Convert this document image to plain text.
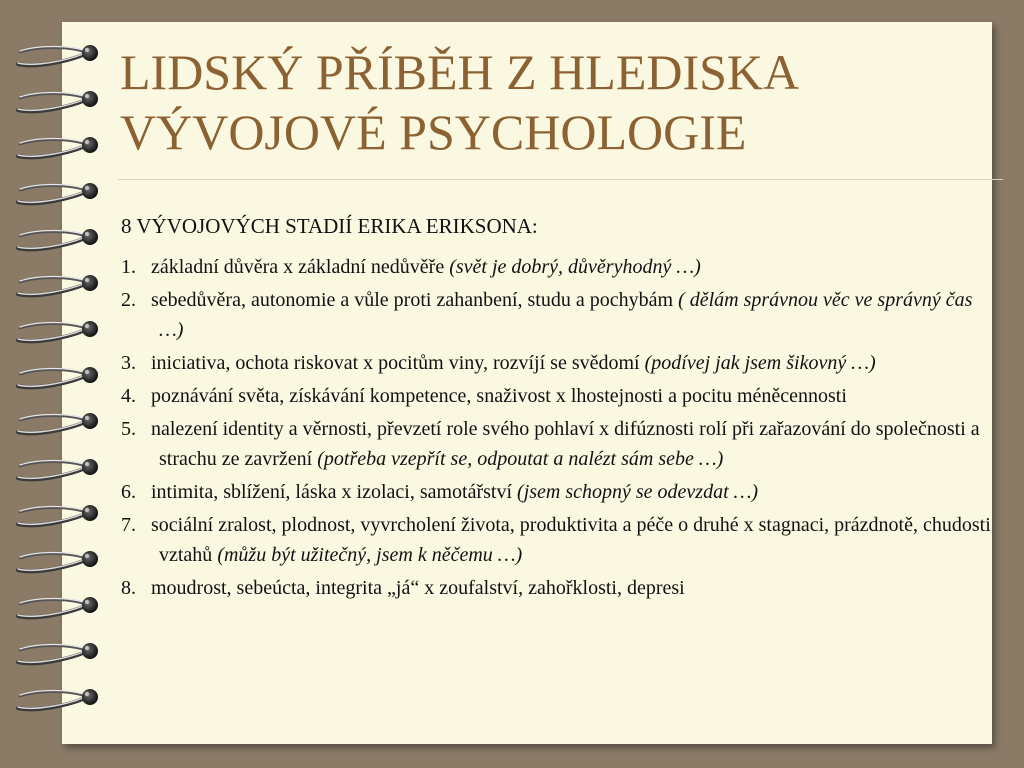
LIDSKÝ PŘÍBĚH Z HLEDISKA
VÝVOJOVÉ PSYCHOLOGIE
8 VÝVOJOVÝCH STADIÍ ERIKA ERIKSONA:
1. základní důvěra x základní nedůvěře (svět je dobrý, důvěryhodný …)
2. sebedůvěra, autonomie a vůle proti zahanbení, studu a pochybám ( dělám správnou věc ve správný čas …)
3. iniciativa, ochota riskovat x pocitům viny, rozvíjí se svědomí (podívej jak jsem šikovný …)
4. poznávání světa, získávání kompetence, snaživost x lhostejnosti a pocitu méněcennosti
5. nalezení identity a věrnosti, převzetí role svého pohlaví x difúznosti rolí při zařazování do společnosti a strachu ze zavržení (potřeba vzepřít se, odpoutat a nalézt sám sebe …)
6. intimita, sblížení, láska x izolaci, samotářství (jsem schopný se odevzdat …)
7. sociální zralost, plodnost, vyvrcholení života, produktivita a péče o druhé x stagnaci, prázdnotě, chudosti vztahů (můžu být užitečný, jsem k něčemu …)
8. moudrost, sebeúcta, integrita „já“ x zoufalství, zahořklosti, depresi
